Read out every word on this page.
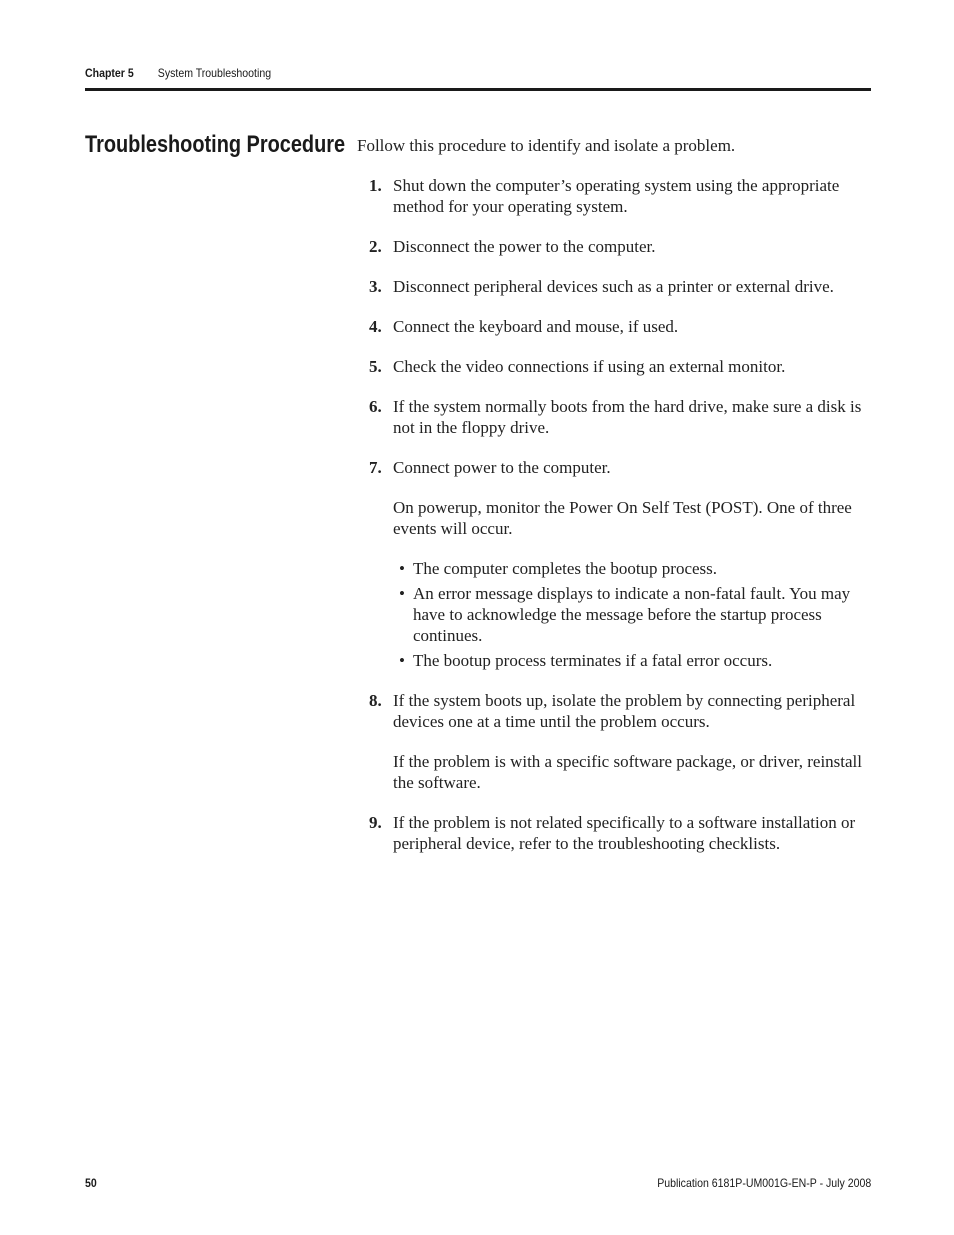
Chapter 5 System Troubleshooting
Troubleshooting Procedure Follow this procedure to identify and isolate a problem.

1. Shut down the computer’s operating system using the appropriate method for your operating system.

2. Disconnect the power to the computer.

3. Disconnect peripheral devices such as a printer or external drive.

4. Connect the keyboard and mouse, if used.

5. Check the video connections if using an external monitor.

6. If the system normally boots from the hard drive, make sure a disk is not in the floppy drive.

7. Connect power to the computer.

On powerup, monitor the Power On Self Test (POST). One of three events will occur.

• The computer completes the bootup process.
• An error message displays to indicate a non-fatal fault. You may have to acknowledge the message before the startup process continues.
• The bootup process terminates if a fatal error occurs.
8. If the system boots up, isolate the problem by connecting peripheral devices one at a time until the problem occurs.

If the problem is with a specific software package, or driver, reinstall the software.

9. If the problem is not related specifically to a software installation or peripheral device, refer to the troubleshooting checklists.

50	Publication 6181P-UM001G-EN-P - July 2008
